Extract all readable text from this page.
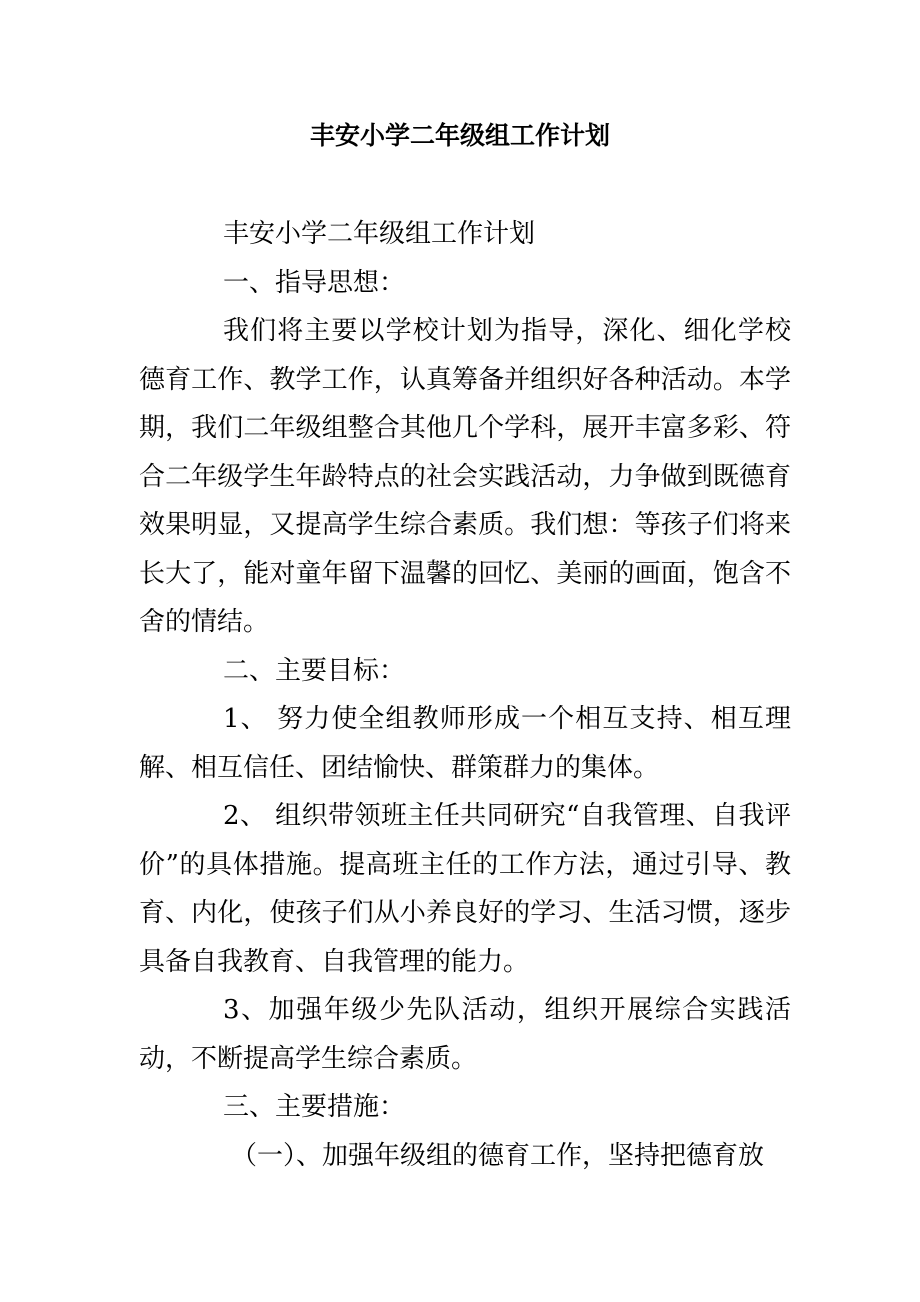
丰安小学二年级组工作计划

丰安小学二年级组工作计划

一、指导思想：

我们将主要以学校计划为指导，深化、细化学校德育工作、教学工作，认真筹备并组织好各种活动。本学期，我们二年级组整合其他几个学科，展开丰富多彩、符合二年级学生年龄特点的社会实践活动，力争做到既德育效果明显，又提高学生综合素质。我们想：等孩子们将来长大了，能对童年留下温馨的回忆、美丽的画面，饱含不舍的情结。

二、主要目标：

1、 努力使全组教师形成一个相互支持、相互理解、相互信任、团结愉快、群策群力的集体。

2、 组织带领班主任共同研究“自我管理、自我评价”的具体措施。提高班主任的工作方法，通过引导、教育、内化，使孩子们从小养良好的学习、生活习惯，逐步具备自我教育、自我管理的能力。

3、加强年级少先队活动，组织开展综合实践活动，不断提高学生综合素质。

三、主要措施：

（一）、加强年级组的德育工作，坚持把德育放
